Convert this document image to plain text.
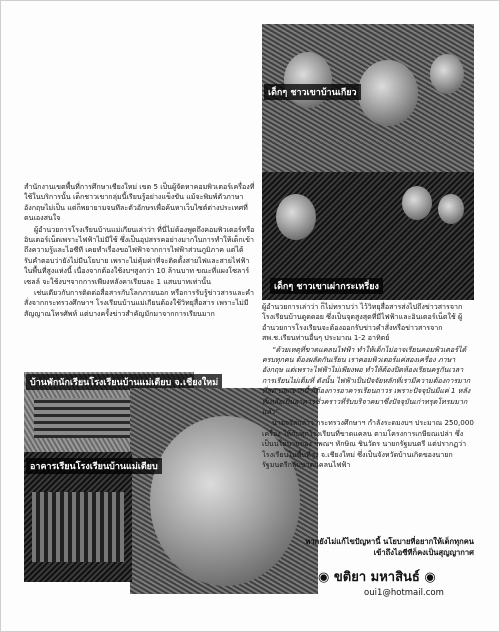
เด็กๆ ชาวเขาบ้านเกียว
เด็กๆ ชาวเขาเผ่ากระเหรี่ยง

สำนักงานเขตพื้นที่การศึกษาเชียงใหม่ เขต 5 เป็นผู้จัดหาคอมพิวเตอร์เครื่องที่ใช้ในบริการนั้น เด็กชาวเขากลุ่มนี้เรียนรู้อย่างแข็งขัน แม้จะพิมพ์ตัวภาษาอังกฤษไม่เป็น แต่ก็พยายามจนทีละตัวอักษรเพื่อค้นหาเว็บไซต์ต่างประเทศที่ตนเองสนใจ

ผู้อำนวยการโรงเรียนบ้านแม่เกียนเล่าว่า ที่นี่ไม่ต้องพูดถึงคอมพิวเตอร์หรืออินเตอร์เน็ตเพราะไฟฟ้าไม่มีใช้ ซึ่งเป็นอุปสรรคอย่างมากในการทำให้เด็กเข้าถึงความรู้และไอซีที เคยทำเรื่องขอไฟฟ้าจากการไฟฟ้าส่วนภูมิภาค แต่ได้รับคำตอบว่ายังไม่มีนโยบาย เพราะไม่คุ้มค่าที่จะติดตั้งสายไฟและสายไฟฟ้า ในพื้นที่สูงแห่งนี้ เนื่องจากต้องใช้งบฯสูงกว่า 10 ล้านบาท ขณะที่แผงโซลาร์เซลล์ จะใช้งบฯจากการเพียงหลังคาเรียนละ 1 แสนบาทเท่านั้น

เช่นเดียวกับการติดต่อสื่อสารกับโลกภายนอก หรือการรับรู้ข่าวสารและคำสั่งจากกระทรวงศึกษาฯ โรงเรียนบ้านแม่เกียนต้องใช้วิทยุสื่อสาร เพราะไม่มีสัญญาณโทรศัพท์ แต่บางครั้งข่าวสำคัญมักมาจากการเรียนมาก

บ้านพักนักเรียนโรงเรียนบ้านแม่เตียบ จ.เชียงใหม่
อาคารเรียนโรงเรียนบ้านแม่เตียบ

ผู้อำนวยการเล่าว่า ก็ไม่ทราบว่า ไว้วิทยุสื่อสารส่งไปถึงข่าวสารจากโรงเรียนบ้านดูดดอย ซึ่งเป็นจุดสูงสุดที่มีไฟฟ้าและอินเตอร์เน็ตใช้ ผู้อำนวยการโรงเรียนจะต้องออกรับข่าวคำสั่งหรือข่าวสารจาก สพ.ช.เรียนท่านอื่นๆ ประมาณ 1-2 อาทิตย์

“ด้วยเหตุที่ขาดแคลนไฟฟ้า ทำให้เด็กไม่อาจเรียนคอมพิวเตอร์ได้ครบทุกคน ต้องผลัดกันเรียน เราคอมพิวเตอร์แค่สองเครื่อง ภาษาอังกฤษ แต่เพราะไฟฟ้าไม่เพียงพอ ทำให้ต้องปิดห้องเรียนครูกันเวลา การเรียนไม่เต็มที่ ดังนั้น ไฟฟ้าเป็นปัจจัยหลักที่เรามีความต้องการมากที่สุด นอกจากนี้ ก็ต้องการอาคารเรียนถาวร เพราะปัจจุบันมีแค่ 1 หลัง ที่เหลือเป็นอาคารชั่วคราวที่รับบริจาคมาซึ่งปัจจุบันเก่าทรุดโทรมมากแล้ว”

นายจรัสกล่าว กระทรวงศึกษาฯ กำลังระดมงบฯ ประมาณ 250,000 เครื่อง ให้กับทุกโรงเรียนที่ขาดแคลน ตามโครงการเกษียณเปล่า ซึ่งเป็นนโยบายของ ฯพณฯ ทักษิณ ชินวัตร นายกรัฐมนตรี แต่ปรากฏว่าโรงเรียนในพื้นที่สูง จ.เชียงใหม่ ซึ่งเป็นจังหวัดบ้านเกิดของนายกรัฐมนตรีกลับขาดแคลนไฟฟ้า

หากยังไม่แก้ไขปัญหานี้ นโยบายที่อยากให้เด็กทุกคนเข้าถึงไอซีทีก็คงเป็นสุญญากาศ
◉ ขติยา มหาสินธ์ ◉
oui1@hotmail.com
